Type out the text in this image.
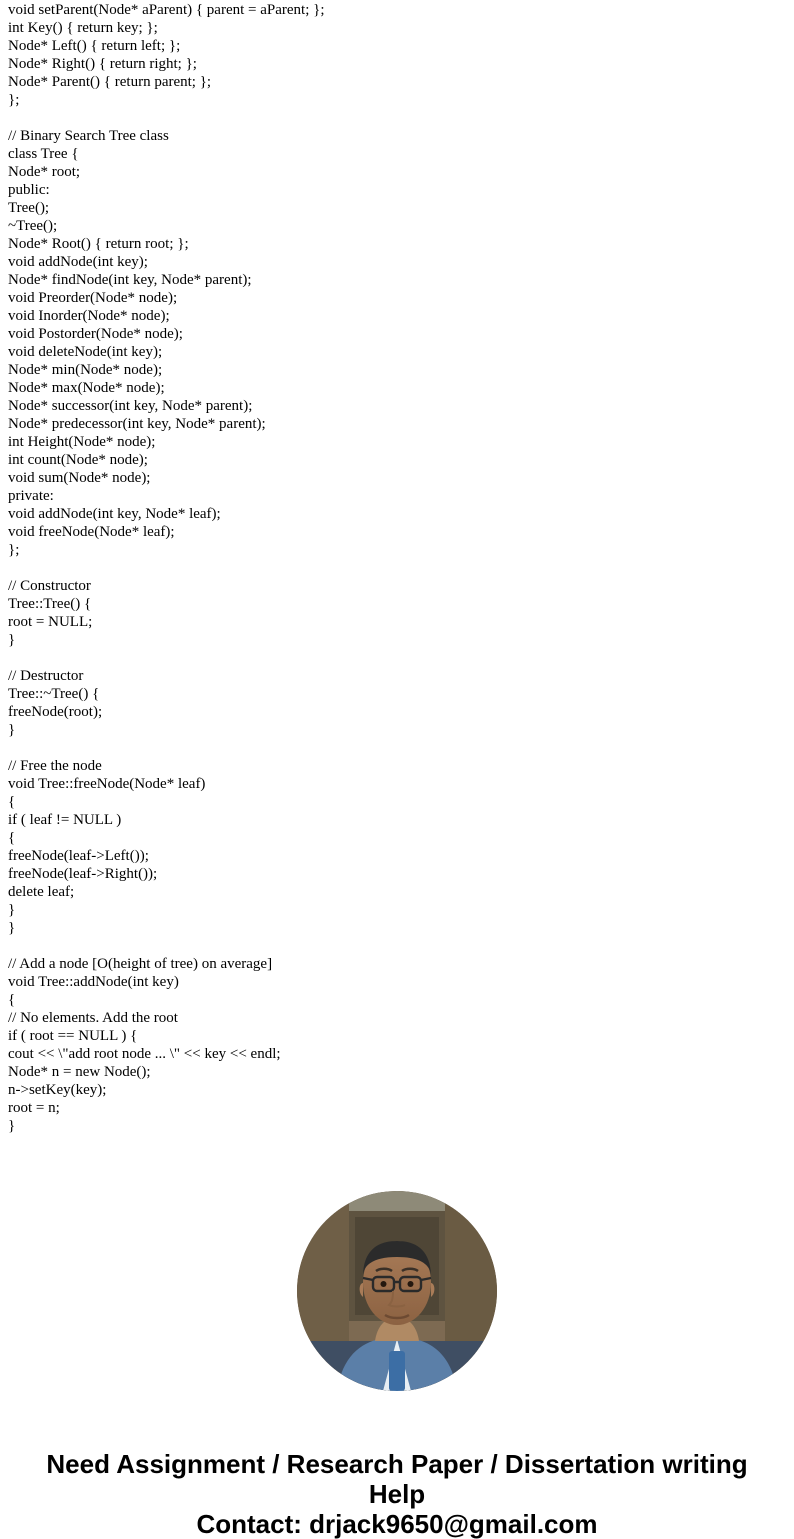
void setParent(Node* aParent) { parent = aParent; };
int Key() { return key; };
Node* Left() { return left; };
Node* Right() { return right; };
Node* Parent() { return parent; };
};
// Binary Search Tree class
class Tree {
Node* root;
public:
Tree();
~Tree();
Node* Root() { return root; };
void addNode(int key);
Node* findNode(int key, Node* parent);
void Preorder(Node* node);
void Inorder(Node* node);
void Postorder(Node* node);
void deleteNode(int key);
Node* min(Node* node);
Node* max(Node* node);
Node* successor(int key, Node* parent);
Node* predecessor(int key, Node* parent);
int Height(Node* node);
int count(Node* node);
void sum(Node* node);
private:
void addNode(int key, Node* leaf);
void freeNode(Node* leaf);
};
// Constructor
Tree::Tree() {
root = NULL;
}
// Destructor
Tree::~Tree() {
freeNode(root);
}
// Free the node
void Tree::freeNode(Node* leaf)
{
if ( leaf != NULL )
{
freeNode(leaf->Left());
freeNode(leaf->Right());
delete leaf;
}
}
// Add a node [O(height of tree) on average]
void Tree::addNode(int key)
{
// No elements. Add the root
if ( root == NULL ) {
cout << \"add root node ... \" << key << endl;
Node* n = new Node();
n->setKey(key);
root = n;
}
Need Assignment / Research Paper / Dissertation writing Help
Contact: drjack9650@gmail.com
